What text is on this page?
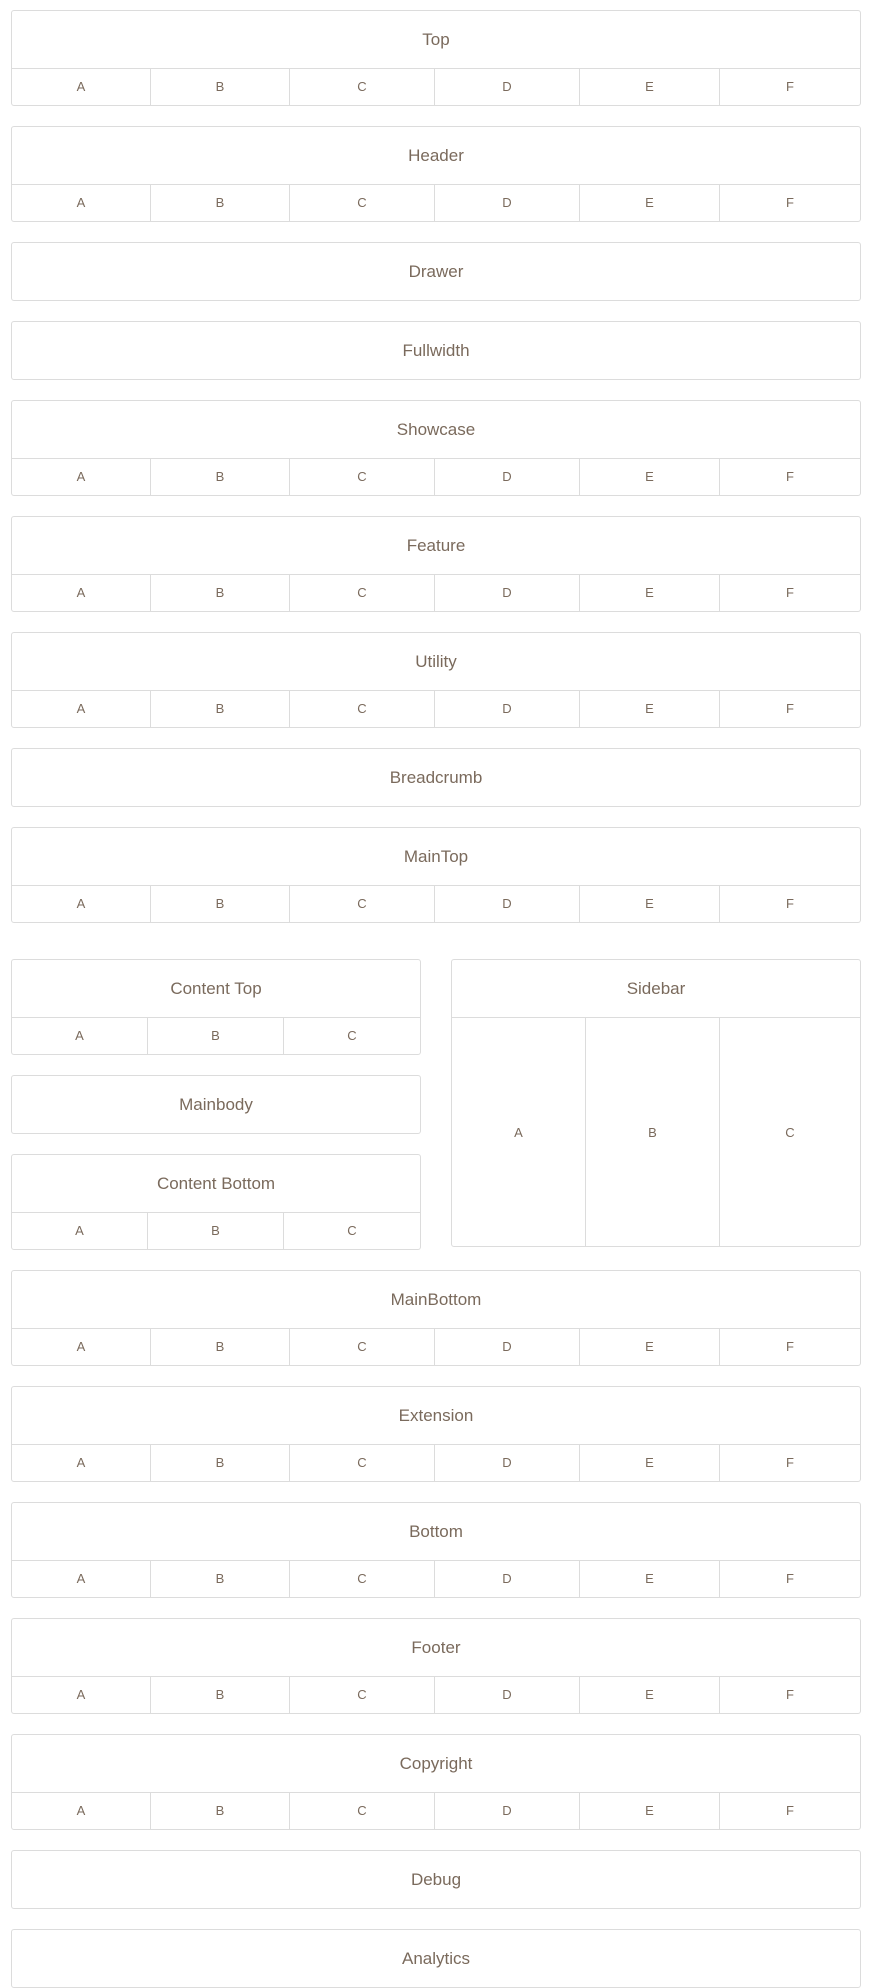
Top
A	B	C	D	E	F
Header
A	B	C	D	E	F
Drawer
Fullwidth
Showcase
A	B	C	D	E	F
Feature
A	B	C	D	E	F
Utility
A	B	C	D	E	F
Breadcrumb
MainTop
A	B	C	D	E	F
Content Top
A	B	C
Mainbody
Content Bottom
A	B	C
Sidebar
A	B	C
MainBottom
A	B	C	D	E	F
Extension
A	B	C	D	E	F
Bottom
A	B	C	D	E	F
Footer
A	B	C	D	E	F
Copyright
A	B	C	D	E	F
Debug
Analytics
